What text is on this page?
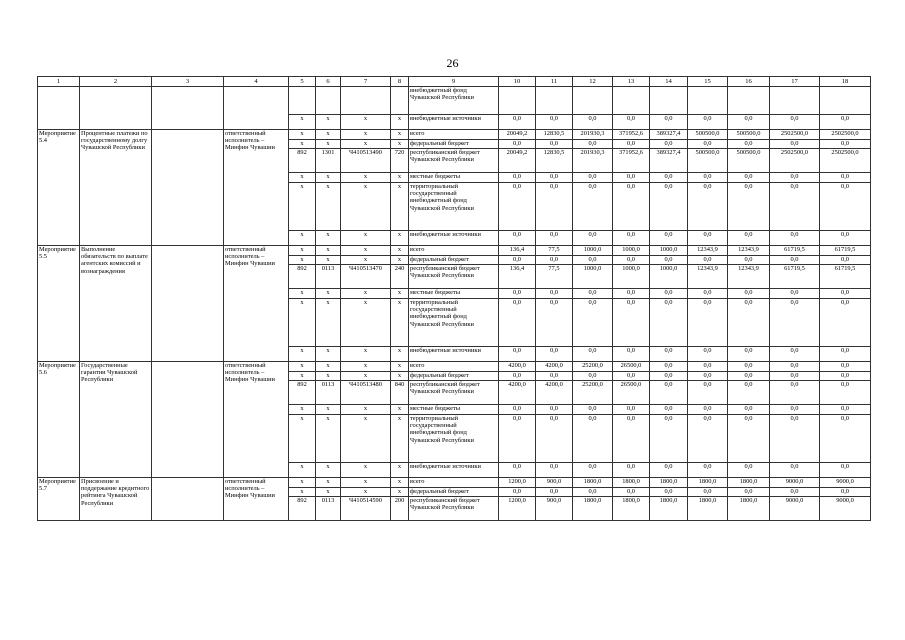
26
1	2	3	4	5	6	7	8	9	10	11	12	13	14	15	16	17	18
								внебюджетный фонд Чувашской Республики									
				x	x	x	x	внебюджетные источники	0,0	0,0	0,0	0,0	0,0	0,0	0,0	0,0	0,0
Мероприятие 5.4	Процентные платежи по государственному долгу Чувашской Республики		ответственный исполнитель – Минфин Чувашии	x	x	x	x	всего	20049,2	12830,5	201930,3	371952,6	389327,4	500500,0	500500,0	2502500,0	2502500,0
				x	x	x	x	федеральный бюджет	0,0	0,0	0,0	0,0	0,0	0,0	0,0	0,0	0,0
				892	1301	Ч410513490	720	республиканский бюджет Чувашской Республики	20049,2	12830,5	201930,3	371952,6	389327,4	500500,0	500500,0	2502500,0	2502500,0
				x	x	x	x	местные бюджеты	0,0	0,0	0,0	0,0	0,0	0,0	0,0	0,0	0,0
				x	x	x	x	территориальный государственный внебюджетный фонд Чувашской Республики	0,0	0,0	0,0	0,0	0,0	0,0	0,0	0,0	0,0
				x	x	x	x	внебюджетные источники	0,0	0,0	0,0	0,0	0,0	0,0	0,0	0,0	0,0
Мероприятие 5.5	Выполнение обязательств по выплате агентских комиссий и вознаграждения		ответственный исполнитель – Минфин Чувашии	x	x	x	x	всего	136,4	77,5	1000,0	1000,0	1000,0	12343,9	12343,9	61719,5	61719,5
				x	x	x	x	федеральный бюджет	0,0	0,0	0,0	0,0	0,0	0,0	0,0	0,0	0,0
				892	0113	Ч410513470	240	республиканский бюджет Чувашской Республики	136,4	77,5	1000,0	1000,0	1000,0	12343,9	12343,9	61719,5	61719,5
				x	x	x	x	местные бюджеты	0,0	0,0	0,0	0,0	0,0	0,0	0,0	0,0	0,0
				x	x	x	x	территориальный государственный внебюджетный фонд Чувашской Республики	0,0	0,0	0,0	0,0	0,0	0,0	0,0	0,0	0,0
				x	x	x	x	внебюджетные источники	0,0	0,0	0,0	0,0	0,0	0,0	0,0	0,0	0,0
Мероприятие 5.6	Государственные гарантии Чувашской Республики		ответственный исполнитель – Минфин Чувашии	x	x	x	x	всего	4200,0	4200,0	25200,0	26500,0	0,0	0,0	0,0	0,0	0,0
				x	x	x	x	федеральный бюджет	0,0	0,0	0,0	0,0	0,0	0,0	0,0	0,0	0,0
				892	0113	Ч410513480	840	республиканский бюджет Чувашской Республики	4200,0	4200,0	25200,0	26500,0	0,0	0,0	0,0	0,0	0,0
				x	x	x	x	местные бюджеты	0,0	0,0	0,0	0,0	0,0	0,0	0,0	0,0	0,0
				x	x	x	x	территориальный государственный внебюджетный фонд Чувашской Республики	0,0	0,0	0,0	0,0	0,0	0,0	0,0	0,0	0,0
				x	x	x	x	внебюджетные источники	0,0	0,0	0,0	0,0	0,0	0,0	0,0	0,0	0,0
Мероприятие 5.7	Присвоение и поддержание кредитного рейтинга Чувашской Республики		ответственный исполнитель – Минфин Чувашии	x	x	x	x	всего	1200,0	900,0	1800,0	1800,0	1800,0	1800,0	1800,0	9000,0	9000,0
				x	x	x	x	федеральный бюджет	0,0	0,0	0,0	0,0	0,0	0,0	0,0	0,0	0,0
				892	0113	Ч410514590	200	республиканский бюджет Чувашской Республики	1200,0	900,0	1800,0	1800,0	1800,0	1800,0	1800,0	9000,0	9000,0
